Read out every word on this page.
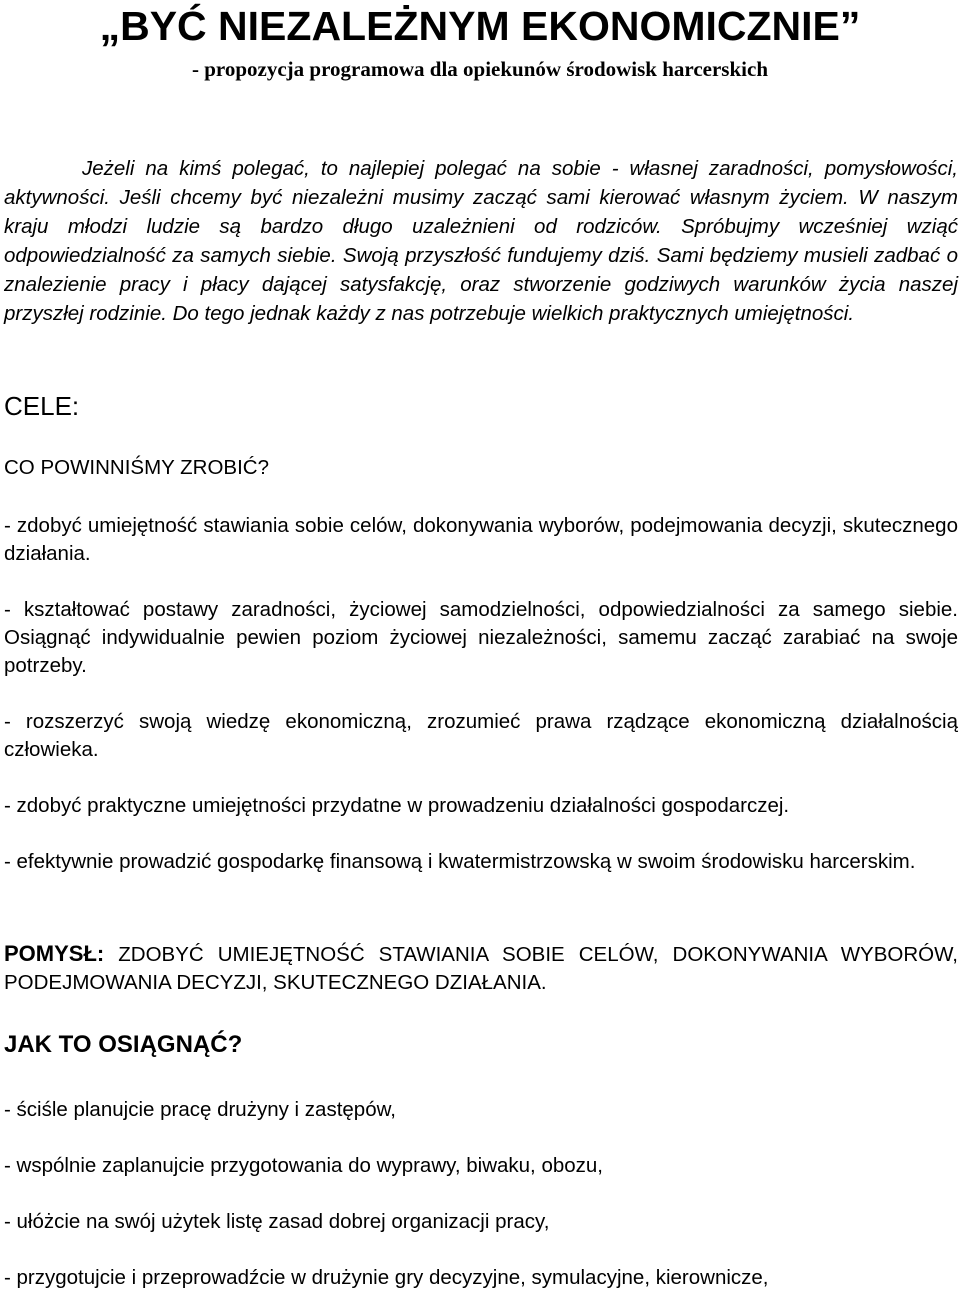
„BYĆ NIEZALEŻNYM EKONOMICZNIE”
- propozycja programowa dla opiekunów środowisk harcerskich
Jeżeli na kimś polegać, to najlepiej polegać na sobie - własnej zaradności, pomysłowości, aktywności. Jeśli chcemy być niezależni musimy zacząć sami kierować własnym życiem. W naszym kraju młodzi ludzie są bardzo długo uzależnieni od rodziców. Spróbujmy wcześniej wziąć odpowiedzialność za samych siebie. Swoją przyszłość fundujemy dziś. Sami będziemy musieli zadbać o znalezienie pracy i płacy dającej satysfakcję, oraz stworzenie godziwych warunków życia naszej przyszłej rodzinie. Do tego jednak każdy z nas potrzebuje wielkich praktycznych umiejętności.
CELE:
CO POWINNIŚMY ZROBIĆ?
- zdobyć umiejętność stawiania sobie celów, dokonywania wyborów, podejmowania decyzji, skutecznego działania.
- kształtować postawy zaradności, życiowej samodzielności, odpowiedzialności za samego siebie. Osiągnąć indywidualnie pewien poziom życiowej niezależności, samemu zacząć zarabiać na swoje potrzeby.
- rozszerzyć swoją wiedzę ekonomiczną, zrozumieć prawa rządzące ekonomiczną działalnością człowieka.
- zdobyć praktyczne umiejętności przydatne w prowadzeniu działalności gospodarczej.
- efektywnie prowadzić gospodarkę finansową i kwatermistrzowską w swoim środowisku harcerskim.
POMYSŁ: ZDOBYĆ UMIEJĘTNOŚĆ STAWIANIA SOBIE CELÓW, DOKONYWANIA WYBORÓW, PODEJMOWANIA DECYZJI, SKUTECZNEGO DZIAŁANIA.
JAK TO OSIĄGNĄĆ?
- ściśle planujcie pracę drużyny i zastępów,
- wspólnie zaplanujcie przygotowania do wyprawy, biwaku, obozu,
- ułóżcie na swój użytek listę zasad dobrej organizacji pracy,
- przygotujcie i przeprowadźcie w drużynie gry decyzyjne, symulacyjne, kierownicze,
